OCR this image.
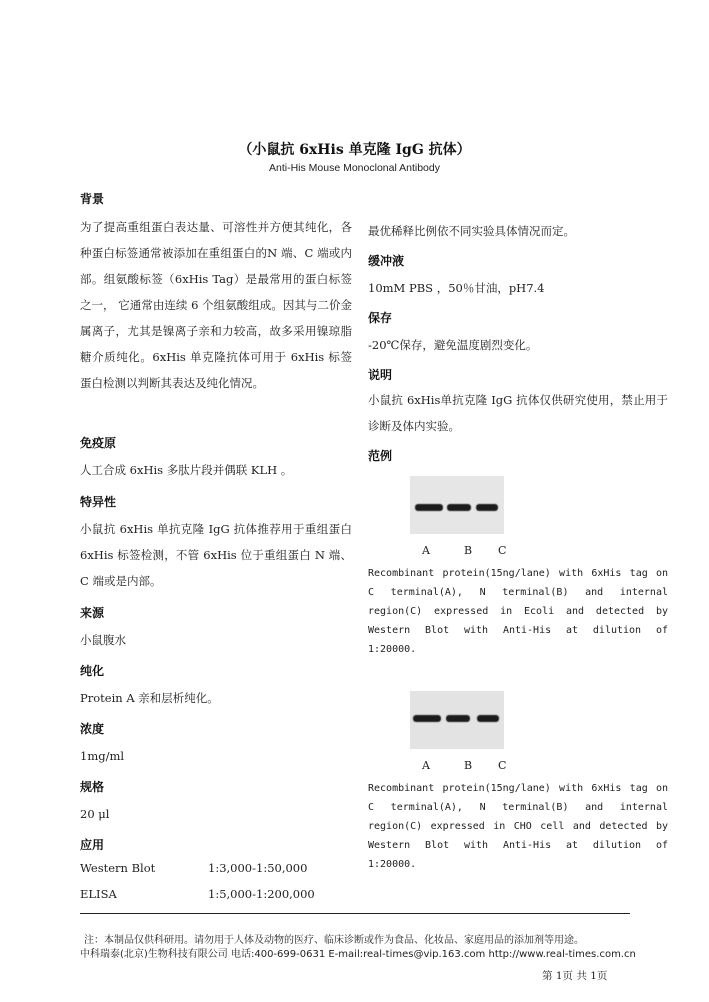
（小鼠抗 6xHis 单克隆 IgG 抗体）
Anti-His Mouse Monoclonal Antibody
背景

为了提高重组蛋白表达量、可溶性并方便其纯化，各种蛋白标签通常被添加在重组蛋白的N 端、C 端或内部。组氨酸标签（6xHis Tag）是最常用的蛋白标签之一， 它通常由连续 6 个组氨酸组成。因其与二价金属离子，尤其是镍离子亲和力较高，故多采用镍琼脂糖介质纯化。6xHis 单克隆抗体可用于 6xHis 标签蛋白检测以判断其表达及纯化情况。

免疫原

人工合成 6xHis 多肽片段并偶联 KLH 。

特异性

小鼠抗 6xHis 单抗克隆 IgG 抗体推荐用于重组蛋白 6xHis 标签检测，不管 6xHis 位于重组蛋白 N 端、C 端或是内部。

来源

小鼠腹水

纯化

Protein A 亲和层析纯化。

浓度

1mg/ml

规格

20 μl

应用
Western Blot	1:3,000-1:50,000
ELISA	1:5,000-1:200,000

最优稀释比例依不同实验具体情况而定。

缓冲液

10mM PBS ，50％甘油，pH7.4

保存

-20℃保存，避免温度剧烈变化。

说明

小鼠抗 6xHis单抗克隆 IgG 抗体仅供研究使用，禁止用于诊断及体内实验。

范例
A	B C

Recombinant protein(15ng/lane) with 6xHis tag on C terminal(A), N terminal(B) and internal region(C) expressed in Ecoli and detected by Western Blot with Anti-His at dilution of 1:20000.

A	B C

Recombinant protein(15ng/lane) with 6xHis tag on C terminal(A), N terminal(B) and internal region(C) expressed in CHO cell and detected by Western Blot with Anti-His at dilution of 1:20000.

注：本制品仅供科研用。请勿用于人体及动物的医疗、临床诊断或作为食品、化妆品、家庭用品的添加剂等用途。
中科瑞泰(北京)生物科技有限公司 电话:400-699-0631 E-mail:real-times@vip.163.com http://www.real-times.com.cn
第 1页 共 1页
